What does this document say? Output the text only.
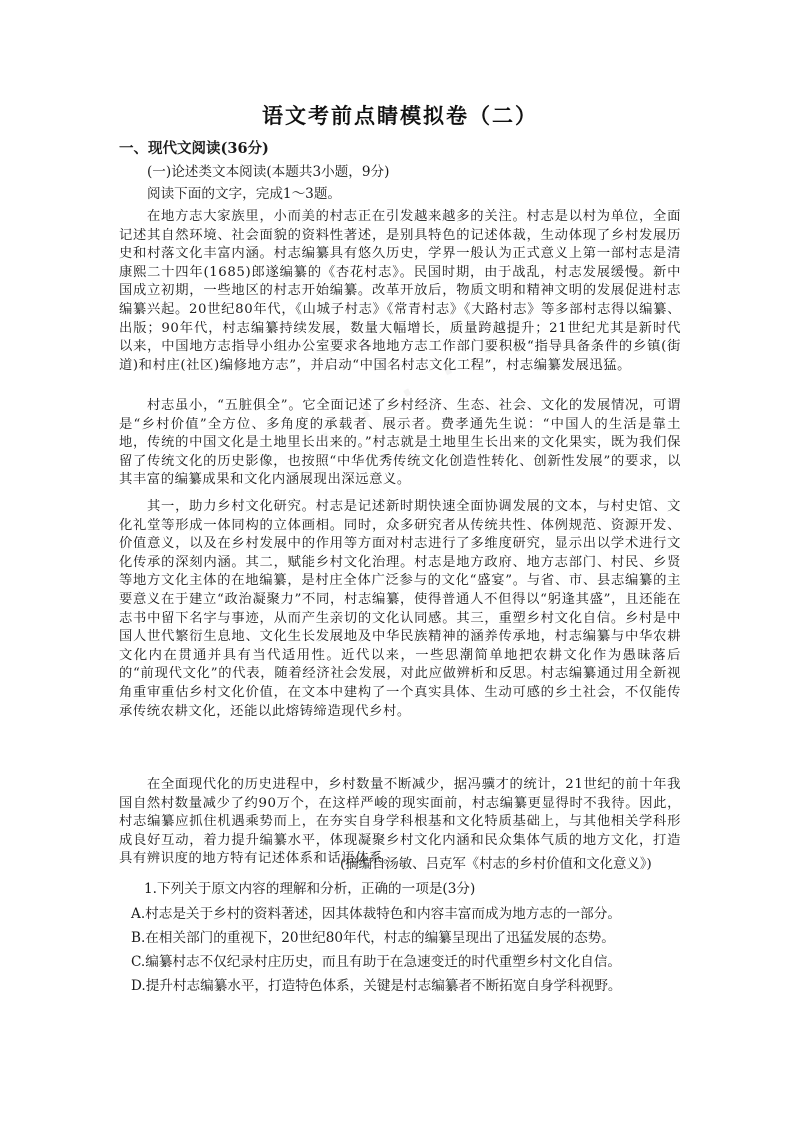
语文考前点睛模拟卷（二）
一、现代文阅读(36分)
(一)论述类文本阅读(本题共3小题，9分)
阅读下面的文字，完成1～3题。

在地方志大家族里，小而美的村志正在引发越来越多的关注。村志是以村为单位，全面记述其自然环境、社会面貌的资料性著述，是别具特色的记述体裁，生动体现了乡村发展历史和村落文化丰富内涵。村志编纂具有悠久历史，学界一般认为正式意义上第一部村志是清康熙二十四年(1685)郎遂编纂的《杏花村志》。民国时期，由于战乱，村志发展缓慢。新中国成立初期，一些地区的村志开始编纂。改革开放后，物质文明和精神文明的发展促进村志编纂兴起。20世纪80年代，《山城子村志》《常青村志》《大路村志》等多部村志得以编纂、出版；90年代，村志编纂持续发展，数量大幅增长，质量跨越提升；21世纪尤其是新时代以来，中国地方志指导小组办公室要求各地地方志工作部门要积极“指导具备条件的乡镇(街道)和村庄(社区)编修地方志”，并启动“中国名村志文化工程”，村志编纂发展迅猛。

村志虽小，“五脏俱全”。它全面记述了乡村经济、生态、社会、文化的发展情况，可谓是“乡村价值”全方位、多角度的承载者、展示者。费孝通先生说：“中国人的生活是靠土地，传统的中国文化是土地里长出来的。”村志就是土地里生长出来的文化果实，既为我们保留了传统文化的历史影像，也按照“中华优秀传统文化创造性转化、创新性发展”的要求，以其丰富的编纂成果和文化内涵展现出深远意义。

其一，助力乡村文化研究。村志是记述新时期快速全面协调发展的文本，与村史馆、文化礼堂等形成一体同构的立体画相。同时，众多研究者从传统共性、体例规范、资源开发、价值意义，以及在乡村发展中的作用等方面对村志进行了多维度研究，显示出以学术进行文化传承的深刻内涵。其二，赋能乡村文化治理。村志是地方政府、地方志部门、村民、乡贤等地方文化主体的在地编纂，是村庄全体广泛参与的文化“盛宴”。与省、市、县志编纂的主要意义在于建立“政治凝聚力”不同，村志编纂，使得普通人不但得以“躬逢其盛”，且还能在志书中留下名字与事迹，从而产生亲切的文化认同感。其三，重塑乡村文化自信。乡村是中国人世代繁衍生息地、文化生长发展地及中华民族精神的涵养传承地，村志编纂与中华农耕文化内在贯通并具有当代适用性。近代以来，一些思潮简单地把农耕文化作为愚昧落后的“前现代文化”的代表，随着经济社会发展，对此应做辨析和反思。村志编纂通过用全新视角重审重估乡村文化价值，在文本中建构了一个真实具体、生动可感的乡土社会，不仅能传承传统农耕文化，还能以此熔铸缔造现代乡村。

在全面现代化的历史进程中，乡村数量不断减少，据冯骥才的统计，21世纪的前十年我国自然村数量减少了约90万个，在这样严峻的现实面前，村志编纂更显得时不我待。因此，村志编纂应抓住机遇乘势而上，在夯实自身学科根基和文化特质基础上，与其他相关学科形成良好互动，着力提升编纂水平，体现凝聚乡村文化内涵和民众集体气质的地方文化，打造具有辨识度的地方特有记述体系和话语体系。

(摘编自汤敏、吕克军《村志的乡村价值和文化意义》)
1.下列关于原文内容的理解和分析，正确的一项是(3分)
A.村志是关于乡村的资料著述，因其体裁特色和内容丰富而成为地方志的一部分。
B.在相关部门的重视下，20世纪80年代，村志的编纂呈现出了迅猛发展的态势。
C.编纂村志不仅纪录村庄历史，而且有助于在急速变迁的时代重塑乡村文化自信。
D.提升村志编纂水平，打造特色体系，关键是村志编纂者不断拓宽自身学科视野。
